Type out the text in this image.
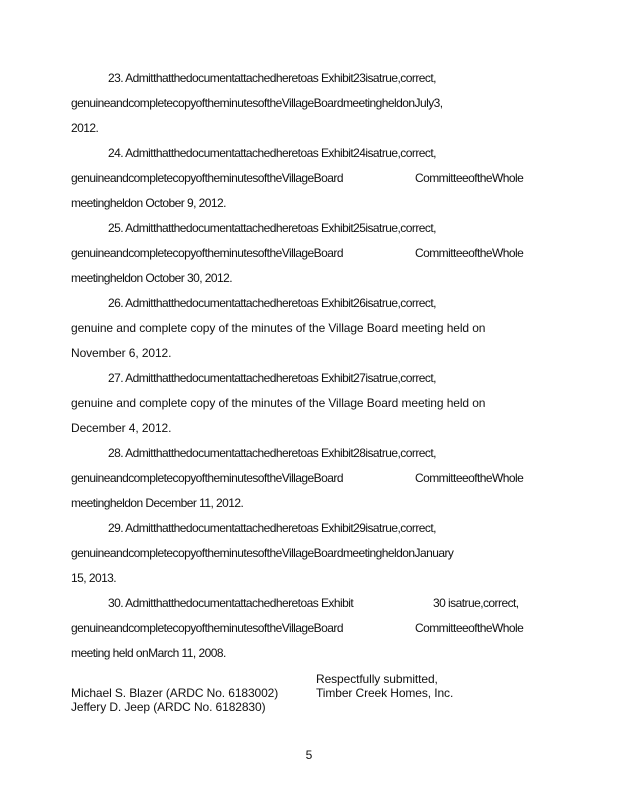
23. Admitthatthedocumentattachedheretoas Exhibit23isatrue,correct,
genuineandcompletecopyoftheminutesoftheVillageBoardmeetingheldonJuly3,
2012.
24. Admitthatthedocumentattachedheretoas Exhibit24isatrue,correct,
genuineandcompletecopyoftheminutesoftheVillageBoard	CommitteeoftheWhole
meetingheldon October 9, 2012.
25. Admitthatthedocumentattachedheretoas Exhibit25isatrue,correct,
genuineandcompletecopyoftheminutesoftheVillageBoard	CommitteeoftheWhole
meetingheldon October 30, 2012.
26. Admitthatthedocumentattachedheretoas Exhibit26isatrue,correct,
genuine and complete copy of the minutes of the Village Board meeting held on
November 6, 2012.
27. Admitthatthedocumentattachedheretoas Exhibit27isatrue,correct,
genuine and complete copy of the minutes of the Village Board meeting held on
December 4, 2012.
28. Admitthatthedocumentattachedheretoas Exhibit28isatrue,correct,
genuineandcompletecopyoftheminutesoftheVillageBoard	CommitteeoftheWhole
meetingheldon December 11, 2012.
29. Admitthatthedocumentattachedheretoas Exhibit29isatrue,correct,
genuineandcompletecopyoftheminutesoftheVillageBoardmeetingheldonJanuary
15, 2013.
30. Admitthatthedocumentattachedheretoas Exhibit	30 isatrue,correct,
genuineandcompletecopyoftheminutesoftheVillageBoard	CommitteeoftheWhole
meeting held onMarch 11, 2008.
Respectfully submitted,
Timber Creek Homes, Inc.
Michael S. Blazer (ARDC No. 6183002)
Jeffery D. Jeep (ARDC No. 6182830)
5
